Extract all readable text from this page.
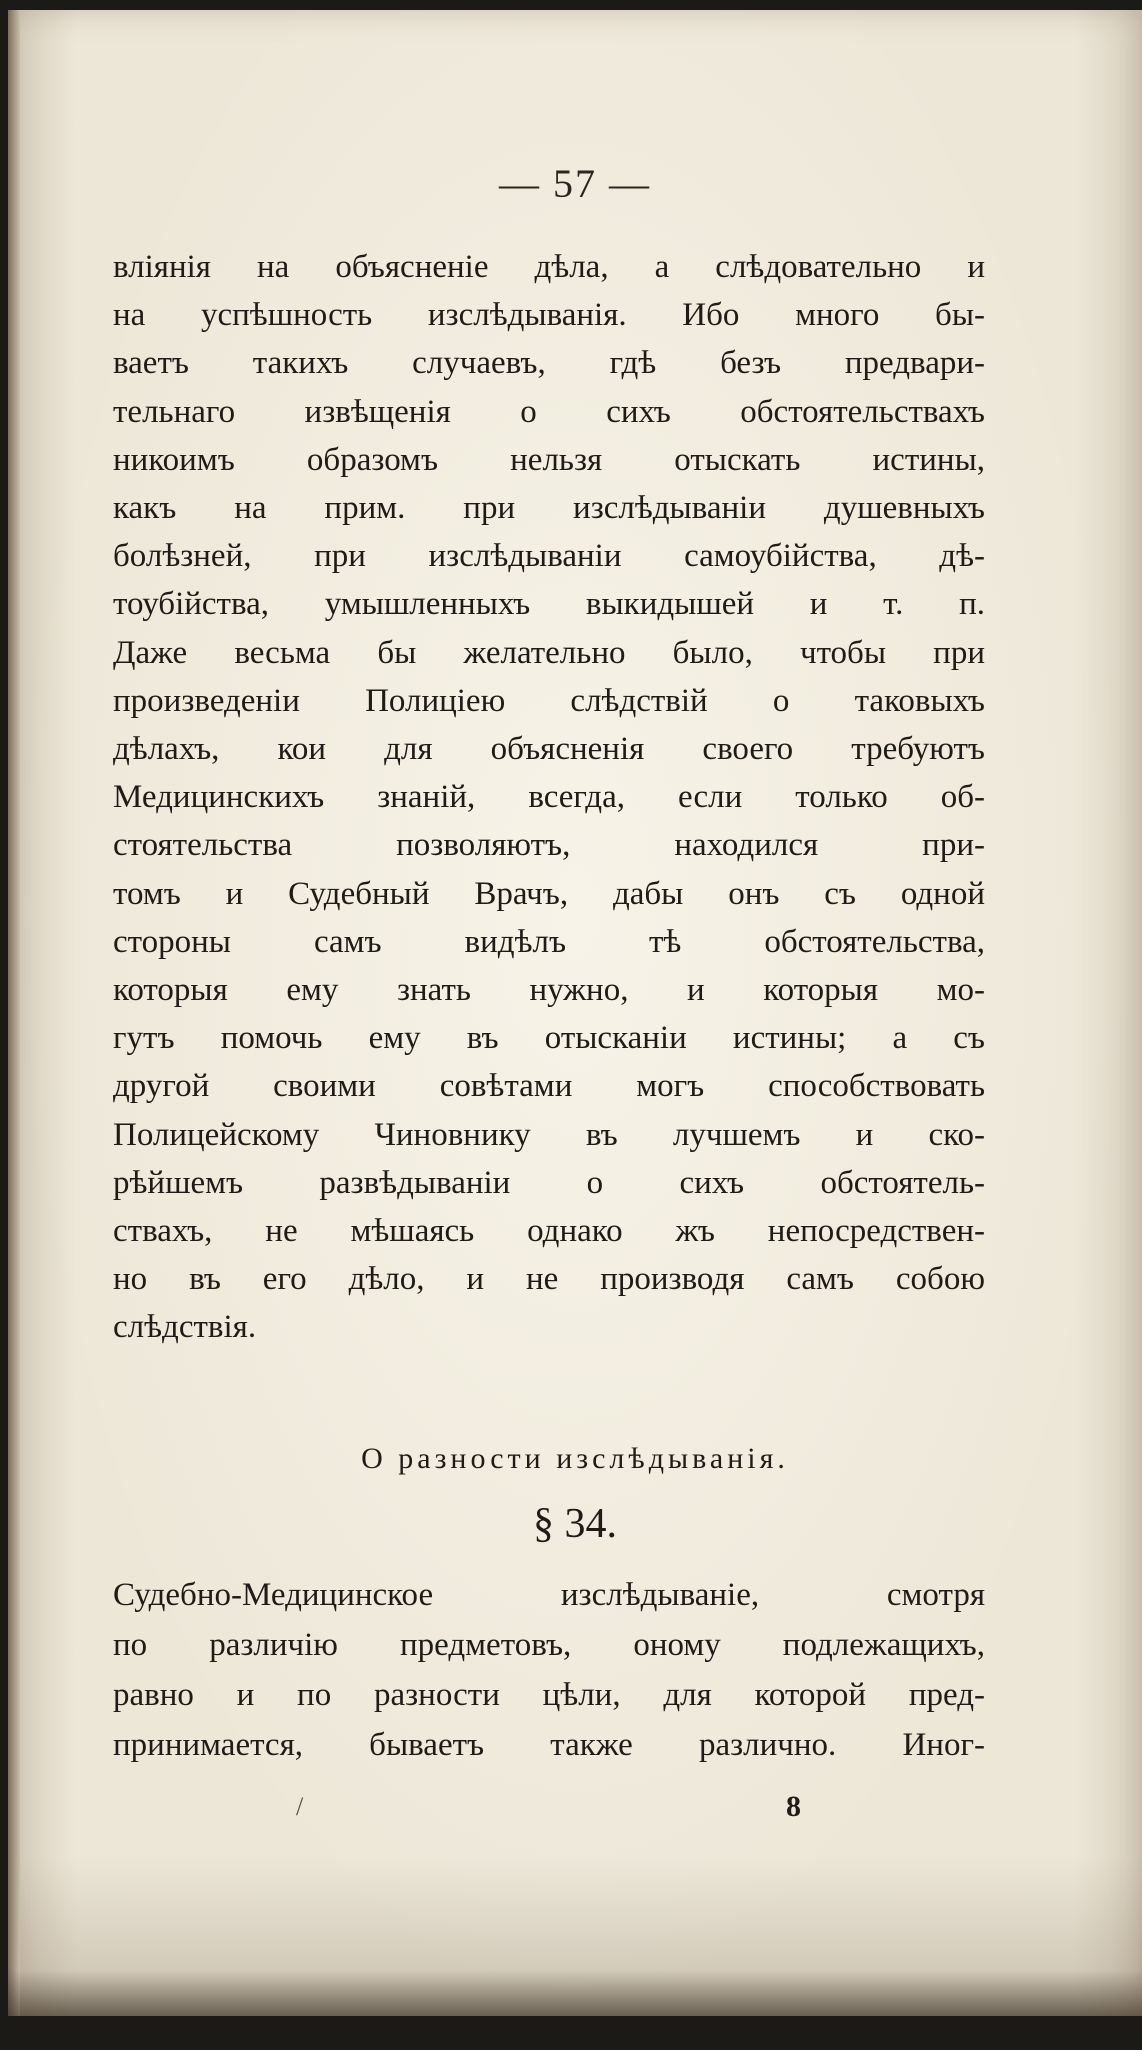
— 57 —
вліянія на объясненіе дѣла, а слѣдовательно и
на успѣшность изслѣдыванія. Ибо много бы-
ваетъ такихъ случаевъ, гдѣ безъ предвари-
тельнаго извѣщенія о сихъ обстоятельствахъ
никоимъ образомъ нельзя отыскать истины,
какъ на прим. при изслѣдываніи душевныхъ
болѣзней, при изслѣдываніи самоубійства, дѣ-
тоубійства, умышленныхъ выкидышей и т. п.
Даже весьма бы желательно было, чтобы при
произведеніи Полиціею слѣдствій о таковыхъ
дѣлахъ, кои для объясненія своего требуютъ
Медицинскихъ знаній, всегда, если только об-
стоятельства позволяютъ, находился при-
томъ и Судебный Врачъ, дабы онъ съ одной
стороны самъ видѣлъ тѣ обстоятельства,
которыя ему знать нужно, и которыя мо-
гутъ помочь ему въ отысканіи истины; а съ
другой своими совѣтами могъ способствовать
Полицейскому Чиновнику въ лучшемъ и ско-
рѣйшемъ развѣдываніи о сихъ обстоятель-
ствахъ, не мѣшаясь однако жъ непосредствен-
но въ его дѣло, и не производя самъ собою
слѣдствія.
О разности изслѣдыванія.
§ 34.
Судебно-Медицинское изслѣдываніе, смотря
по различію предметовъ, оному подлежащихъ,
равно и по разности цѣли, для которой пред-
принимается, бываетъ также различно. Иног-
/	8
